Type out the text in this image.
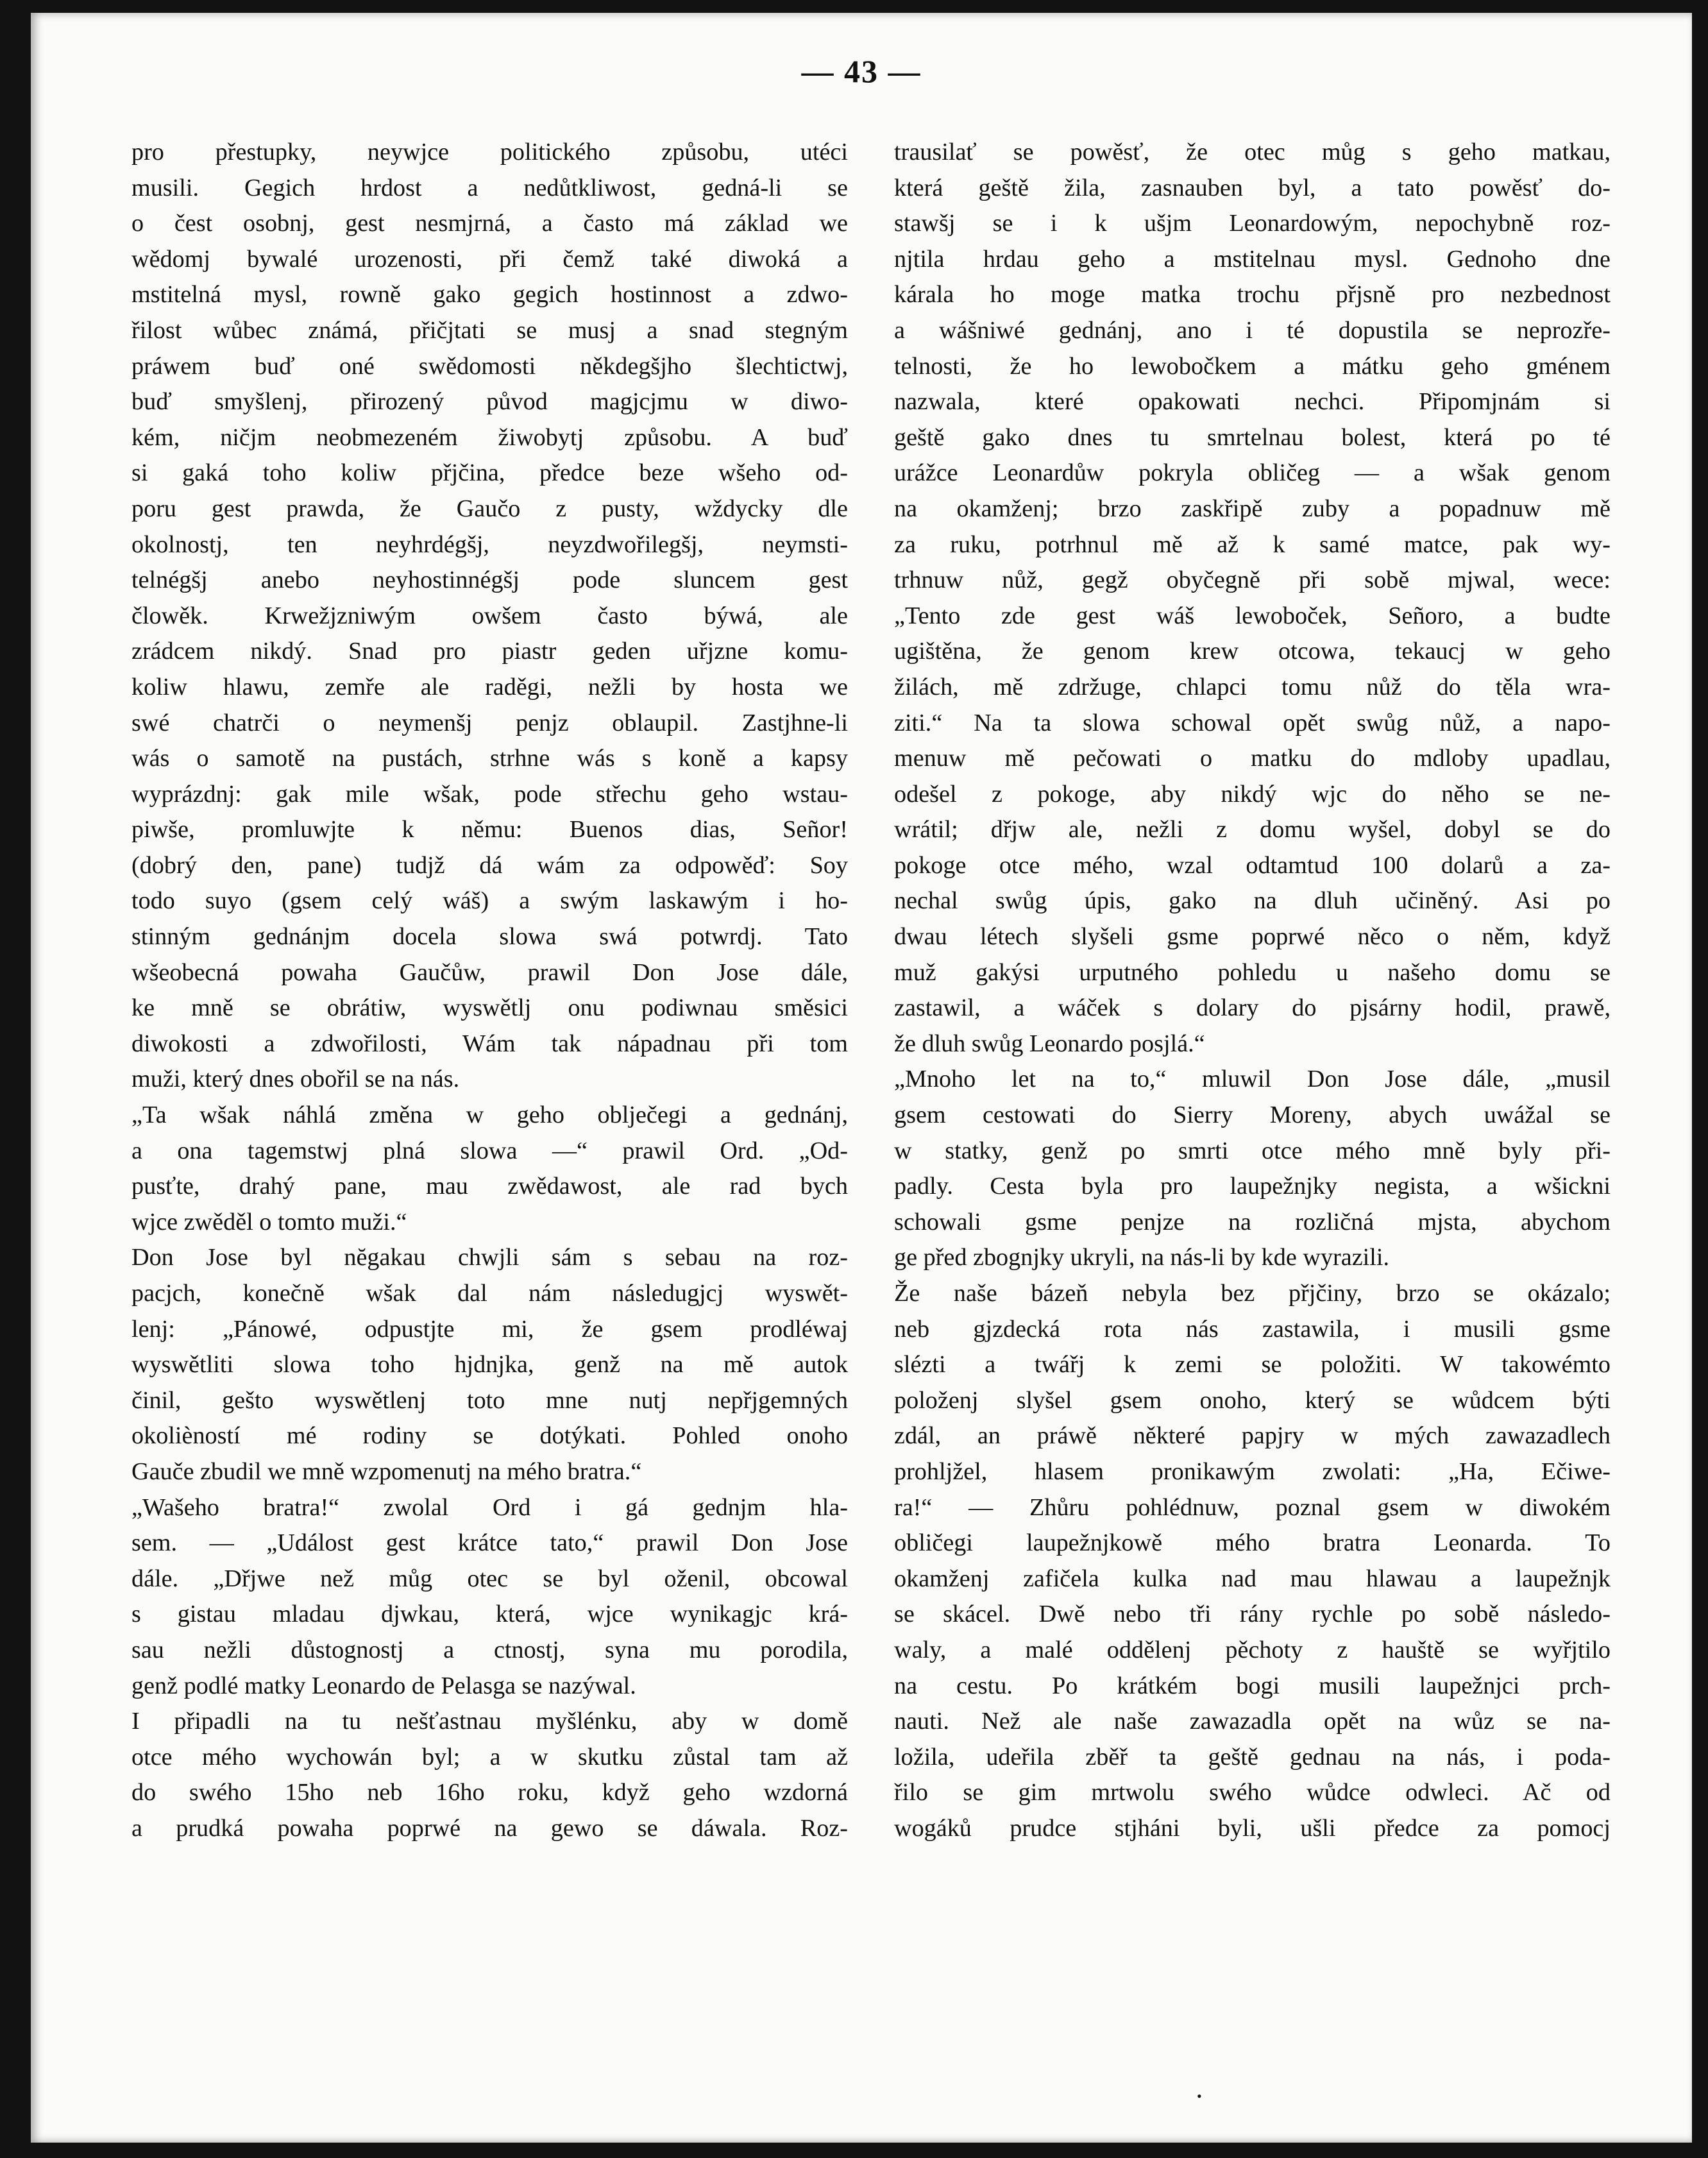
— 43 —
pro přestupky, neywjce politického způsobu, utéci
musili. Gegich hrdost a nedůtkliwost, gedná-li se
o čest osobnj, gest nesmjrná, a často má základ we
wědomj bywalé urozenosti, při čemž také diwoká a
mstitelná mysl, rowně gako gegich hostinnost a zdwo-
řilost wůbec známá, přičjtati se musj a snad stegným
práwem buď oné swědomosti někdegšjho šlechtictwj,
buď smyšlenj, přirozený původ magjcjmu w diwo-
kém, ničjm neobmezeném žiwobytj způsobu. A buď
si gaká toho koliw přjčina, předce beze wšeho od-
poru gest prawda, že Gaučo z pusty, wždycky dle
okolnostj, ten neyhrdégšj, neyzdwořilegšj, neymsti-
telnégšj anebo neyhostinnégšj pode sluncem gest
člowěk. Krwežjzniwým owšem často býwá, ale
zrádcem nikdý. Snad pro piastr geden uřjzne komu-
koliw hlawu, zemře ale raděgi, nežli by hosta we
swé chatrči o neymenšj penjz oblaupil. Zastjhne-li
wás o samotě na pustách, strhne wás s koně a kapsy
wyprázdnj: gak mile wšak, pode střechu geho wstau-
piwše, promluwjte k němu: Buenos dias, Señor!
(dobrý den, pane) tudjž dá wám za odpowěď: Soy
todo suyo (gsem celý wáš) a swým laskawým i ho-
stinným gednánjm docela slowa swá potwrdj. Tato
wšeobecná powaha Gaučůw, prawil Don Jose dále,
ke mně se obrátiw, wyswětlj onu podiwnau směsici
diwokosti a zdwořilosti, Wám tak nápadnau při tom
muži, který dnes obořil se na nás.
„Ta wšak náhlá změna w geho oblječegi a gednánj,
a ona tagemstwj plná slowa —“ prawil Ord. „Od-
pusťte, drahý pane, mau zwědawost, ale rad bych
wjce zwěděl o tomto muži.“
Don Jose byl nĕgakau chwjli sám s sebau na roz-
pacjch, konečně wšak dal nám následugjcj wyswět-
lenj: „Pánowé, odpustjte mi, že gsem prodléwaj
wyswětliti slowa toho hjdnjka, genž na mě autok
činil, gešto wyswětlenj toto mne nutj nepřjgemných
okolièností mé rodiny se dotýkati. Pohled onoho
Gauče zbudil we mně wzpomenutj na mého bratra.“
„Wašeho bratra!“ zwolal Ord i gá gednjm hla-
sem. — „Událost gest krátce tato,“ prawil Don Jose
dále. „Dřjwe než můg otec se byl oženil, obcowal
s gistau mladau djwkau, která, wjce wynikagjc krá-
sau nežli důstognostj a ctnostj, syna mu porodila,
genž podlé matky Leonardo de Pelasga se nazýwal.
I připadli na tu nešťastnau myšlénku, aby w domě
otce mého wychowán byl; a w skutku zůstal tam až
do swého 15ho neb 16ho roku, když geho wzdorná
a prudká powaha poprwé na gewo se dáwala. Roz-
trausilať se powěsť, že otec můg s geho matkau,
která geště žila, zasnauben byl, a tato powěsť do-
stawšj se i k ušjm Leonardowým, nepochybně roz-
njtila hrdau geho a mstitelnau mysl. Gednoho dne
kárala ho moge matka trochu přjsně pro nezbednost
a wášniwé gednánj, ano i té dopustila se neprozře-
telnosti, že ho lewobočkem a mátku geho gménem
nazwala, které opakowati nechci. Připomjnám si
geště gako dnes tu smrtelnau bolest, která po té
urážce Leonardůw pokryla obličeg — a wšak genom
na okamženj; brzo zaskřipě zuby a popadnuw mě
za ruku, potrhnul mě až k samé matce, pak wy-
trhnuw nůž, gegž obyčegně při sobě mjwal, wece:
„Tento zde gest wáš lewobоček, Señoro, a budte
ugištěna, že genom krew otcowa, tekaucj w geho
žilách, mě zdržuge, chlapci tomu nůž do těla wra-
ziti.“ Na ta slowa schowal opět swůg nůž, a napo-
menuw mě pečowati o matku do mdloby upadlau,
odešel z pokoge, aby nikdý wjc do něho se ne-
wrátil; dřjw ale, nežli z domu wyšel, dobyl se do
pokoge otce mého, wzal odtamtud 100 dolarů a za-
nechal swůg úpis, gako na dluh učiněný. Asi po
dwau létech slyšeli gsme poprwé něco o něm, když
muž gakýsi urputného pohledu u našeho domu se
zastawil, a wáček s dolary do pjsárny hodil, prawě,
že dluh swůg Leonardo posjlá.“
„Mnoho let na to,“ mluwil Don Jose dále, „musil
gsem cestowati do Sierry Moreny, abych uwážal se
w statky, genž po smrti otce mého mně byly při-
padly. Cesta byla pro laupežnjky negista, a wšickni
schowali gsme penjze na rozličná mjsta, abychom
ge před zbognjky ukryli, na nás-li by kde wyrazili.
Že naše bázeň nebyla bez přjčiny, brzo se okázalo;
neb gjzdecká rota nás zastawila, i musili gsme
slézti a twářj k zemi se položiti. W takowémto
položenj slyšel gsem onoho, který se wůdcem býti
zdál, an práwě některé papjry w mých zawazadlech
prohljžel, hlasem pronikawým zwolati: „Ha, Ečiwe-
ra!“ — Zhůru pohlédnuw, poznal gsem w diwokém
obličegi laupežnjkowě mého bratra Leonarda. To
okamženj zafičela kulka nad mau hlawau a laupežnjk
se skácel. Dwě nebo tři rány rychle po sobě následo-
waly, a malé oddělenj pěchoty z hauště se wyřjtilo
na cestu. Po krátkém bogi musili laupežnjci prch-
nauti. Než ale naše zawazadla opět na wůz se na-
ložila, udeřila zběř ta geště gednau na nás, i poda-
řilo se gim mrtwolu swého wůdce odwleci. Ač od
wogáků prudce stjháni byli, ušli předce za pomocj
•
